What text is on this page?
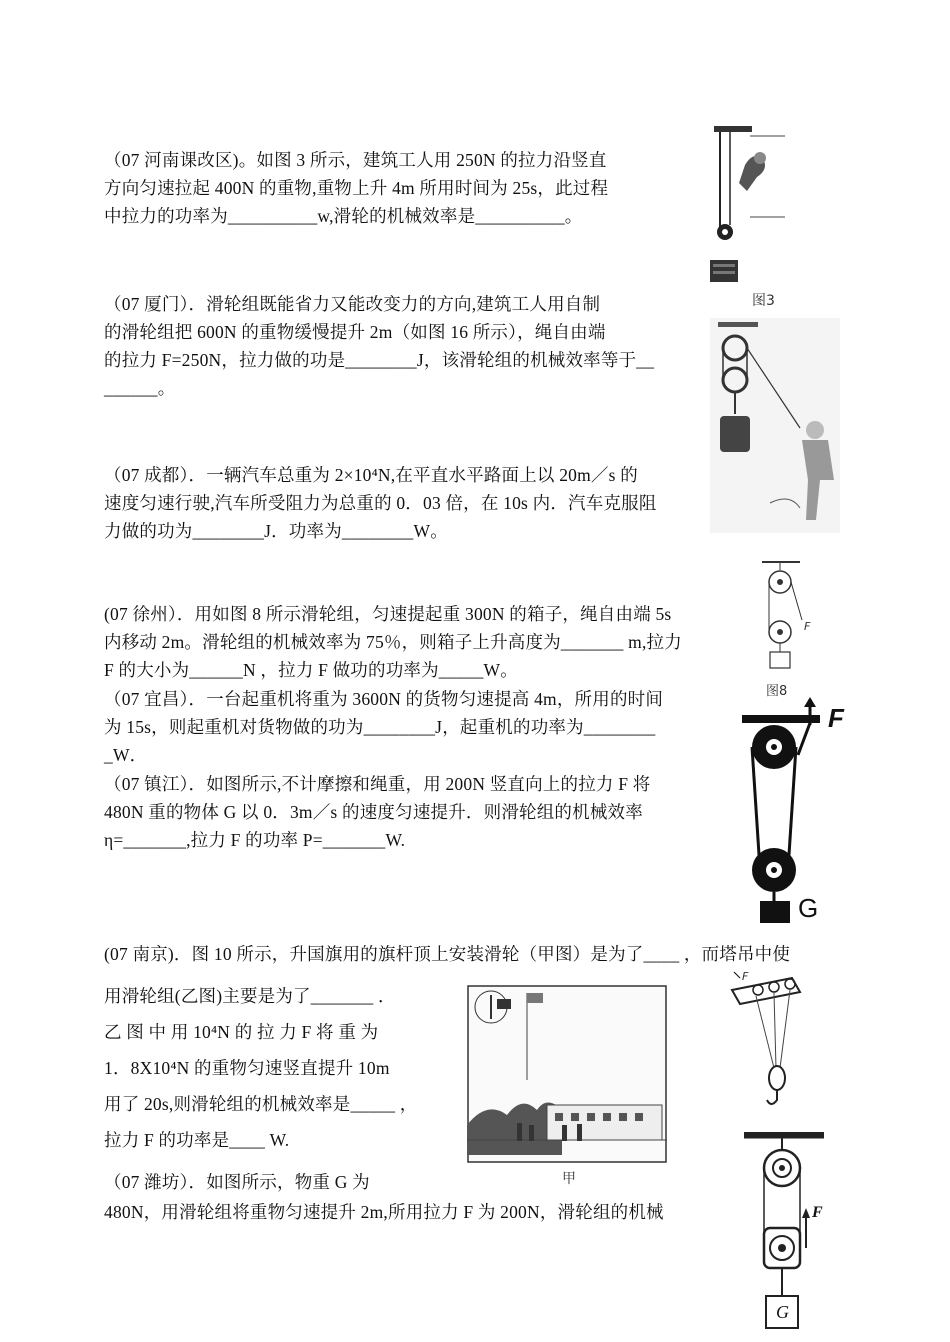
（07 河南课改区)。如图 3 所示，建筑工人用 250N 的拉力沿竖直
方向匀速拉起 400N 的重物,重物上升 4m 所用时间为 25s，此过程
中拉力的功率为__________w,滑轮的机械效率是__________。
图3
（07 厦门）．滑轮组既能省力又能改变力的方向,建筑工人用自制
的滑轮组把 600N 的重物缓慢提升 2m（如图 16 所示），绳自由端
的拉力 F=250N，拉力做的功是________J，该滑轮组的机械效率等于__
______。
（07 成都）．一辆汽车总重为 2×10⁴N,在平直水平路面上以 20m／s 的
速度匀速行驶,汽车所受阻力为总重的 0．03 倍，在 10s 内．汽车克服阻
力做的功为________J．功率为________W。
(07 徐州）．用如图 8 所示滑轮组，匀速提起重 300N 的箱子，绳自由端 5s
内移动 2m。滑轮组的机械效率为 75％，则箱子上升高度为_______ m,拉力
F 的大小为______N ，拉力 F 做功的功率为_____W。
F
图8
（07 宜昌）．一台起重机将重为 3600N 的货物匀速提高 4m，所用的时间
为 15s，则起重机对货物做的功为________J，起重机的功率为________
_W．
（07 镇江）．如图所示,不计摩擦和绳重，用 200N 竖直向上的拉力 F 将
480N 重的物体 G 以 0．3m／s 的速度匀速提升．则滑轮组的机械效率
η=_______,拉力 F 的功率 P=_______W.
F
G
(07 南京)．图 10 所示，升国旗用的旗杆顶上安装滑轮（甲图）是为了____ ，而塔吊中使
用滑轮组(乙图)主要是为了_______ ．
乙 图 中 用 10⁴N 的 拉 力 F 将 重 为
1．8X10⁴N 的重物匀速竖直提升 10m
用了 20s,则滑轮组的机械效率是_____ ，
拉力 F 的功率是____ W.
甲
F
（07 潍坊）．如图所示，物重 G 为
480N，用滑轮组将重物匀速提升 2m,所用拉力 F 为 200N，滑轮组的机械	F
G
